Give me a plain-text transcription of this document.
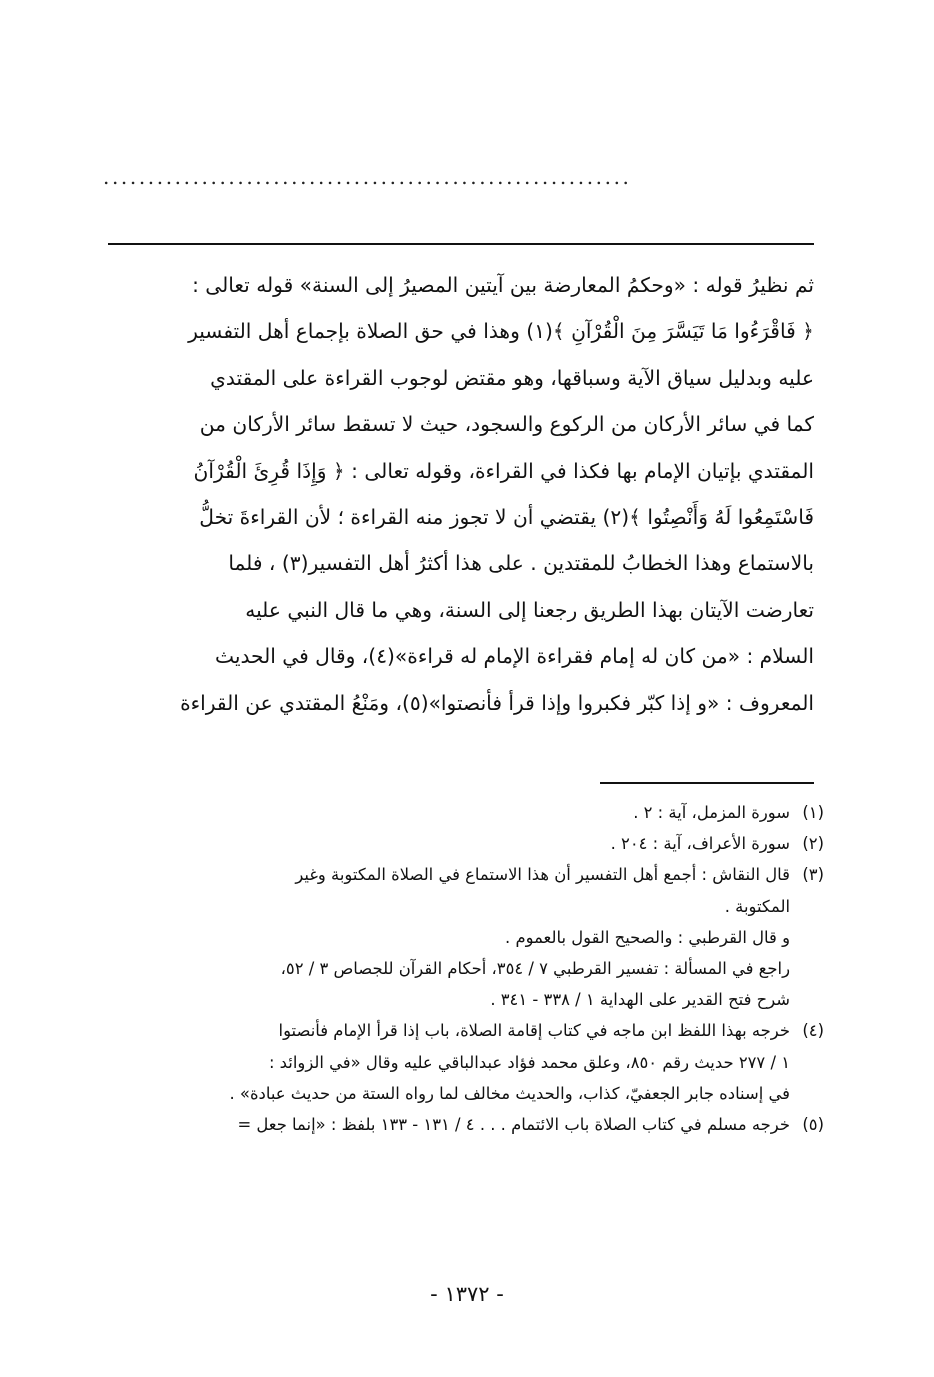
...........................................................
ثم نظيرُ قوله : «وحكمُ المعارضة بين آيتين المصيرُ إلى السنة» قوله تعالى :
﴿ فَاقْرَءُوا مَا تَيَسَّرَ مِنَ الْقُرْآنِ ﴾(١) وهذا في حق الصلاة بإجماع أهل التفسير
عليه وبدليل سياق الآية وسباقها، وهو مقتض لوجوب القراءة على المقتدي
كما في سائر الأركان من الركوع والسجود، حيث لا تسقط سائر الأركان من
المقتدي بإتيان الإمام بها فكذا في القراءة، وقوله تعالى : ﴿ وَإِذَا قُرِئَ الْقُرْآنُ
فَاسْتَمِعُوا لَهُ وَأَنْصِتُوا ﴾(٢) يقتضي أن لا تجوز منه القراءة ؛ لأن القراءةَ تخلُّ
بالاستماع وهذا الخطابُ للمقتدين . على هذا أكثرُ أهل التفسير(٣) ، فلما
تعارضت الآيتان بهذا الطريق رجعنا إلى السنة، وهي ما قال النبي عليه
السلام : «من كان له إمام فقراءة الإمام له قراءة»(٤)، وقال في الحديث
المعروف : «و إذا كبّر فكبروا وإذا قرأ فأنصتوا»(٥)، ومَنْعُ المقتدي عن القراءة
(١)
سورة المزمل، آية : ٢ .
(٢)
سورة الأعراف، آية : ٢٠٤ .
(٣)
قال النقاش : أجمع أهل التفسير أن هذا الاستماع في الصلاة المكتوبة وغير
المكتوبة .
و قال القرطبي : والصحيح القول بالعموم .
راجع في المسألة : تفسير القرطبي ٧ / ٣٥٤، أحكام القرآن للجصاص ٣ / ٥٢،
شرح فتح القدير على الهداية ١ / ٣٣٨ - ٣٤١ .
(٤)
خرجه بهذا اللفظ ابن ماجه في كتاب إقامة الصلاة، باب إذا قرأ الإمام فأنصتوا
١ / ٢٧٧ حديث رقم ٨٥٠، وعلق محمد فؤاد عبدالباقي عليه وقال «في الزوائد :
في إسناده جابر الجعفيّ، كذاب، والحديث مخالف لما رواه الستة من حديث عبادة» .
(٥)
خرجه مسلم في كتاب الصلاة باب الائتمام . . . ٤ / ١٣١ - ١٣٣ بلفظ : «إنما جعل =
- ١٣٧٢ -
